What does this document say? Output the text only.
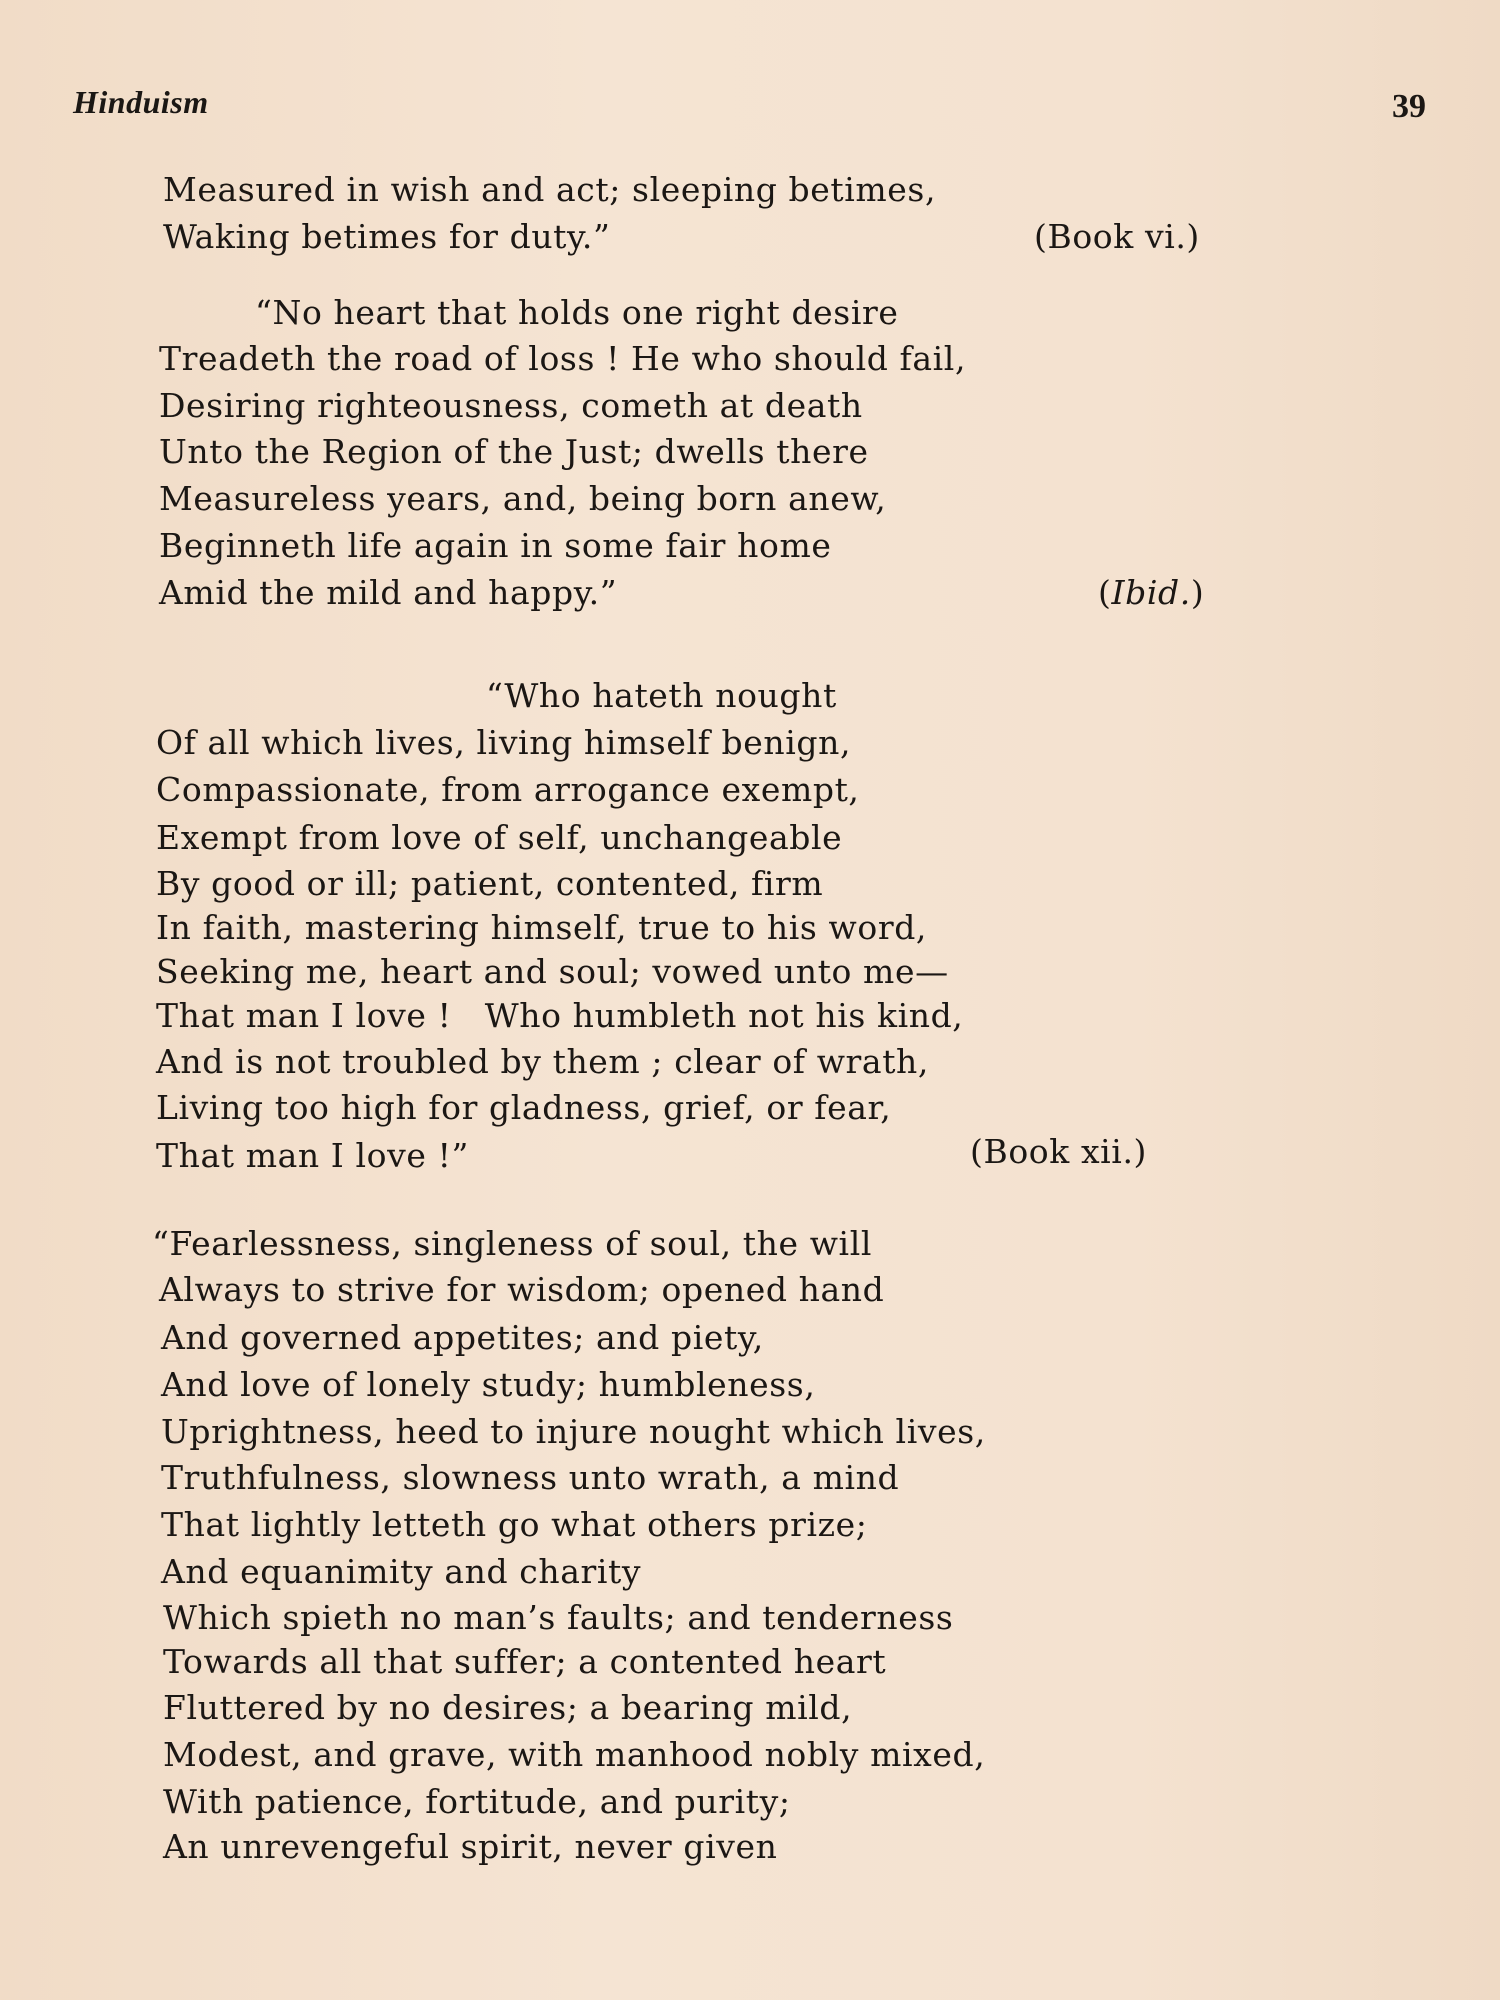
Hinduism	39
Measured in wish and act; sleeping betimes,
Waking betimes for duty.”	(Book vi.)
“No heart that holds one right desire
Treadeth the road of loss ! He who should fail,
Desiring righteousness, cometh at death
Unto the Region of the Just; dwells there
Measureless years, and, being born anew,
Beginneth life again in some fair home
Amid the mild and happy.”	(Ibid.)
“Who hateth nought
Of all which lives, living himself benign,
Compassionate, from arrogance exempt,
Exempt from love of self, unchangeable
By good or ill; patient, contented, firm
In faith, mastering himself, true to his word,
Seeking me, heart and soul; vowed unto me—
That man I love !   Who humbleth not his kind,
And is not troubled by them ; clear of wrath,
Living too high for gladness, grief, or fear,
That man I love !”	(Book xii.)
“Fearlessness, singleness of soul, the will
Always to strive for wisdom; opened hand
And governed appetites; and piety,
And love of lonely study; humbleness,
Uprightness, heed to injure nought which lives,
Truthfulness, slowness unto wrath, a mind
That lightly letteth go what others prize;
And equanimity and charity
Which spieth no man’s faults; and tenderness
Towards all that suffer; a contented heart
Fluttered by no desires; a bearing mild,
Modest, and grave, with manhood nobly mixed,
With patience, fortitude, and purity;
An unrevengeful spirit, never given
